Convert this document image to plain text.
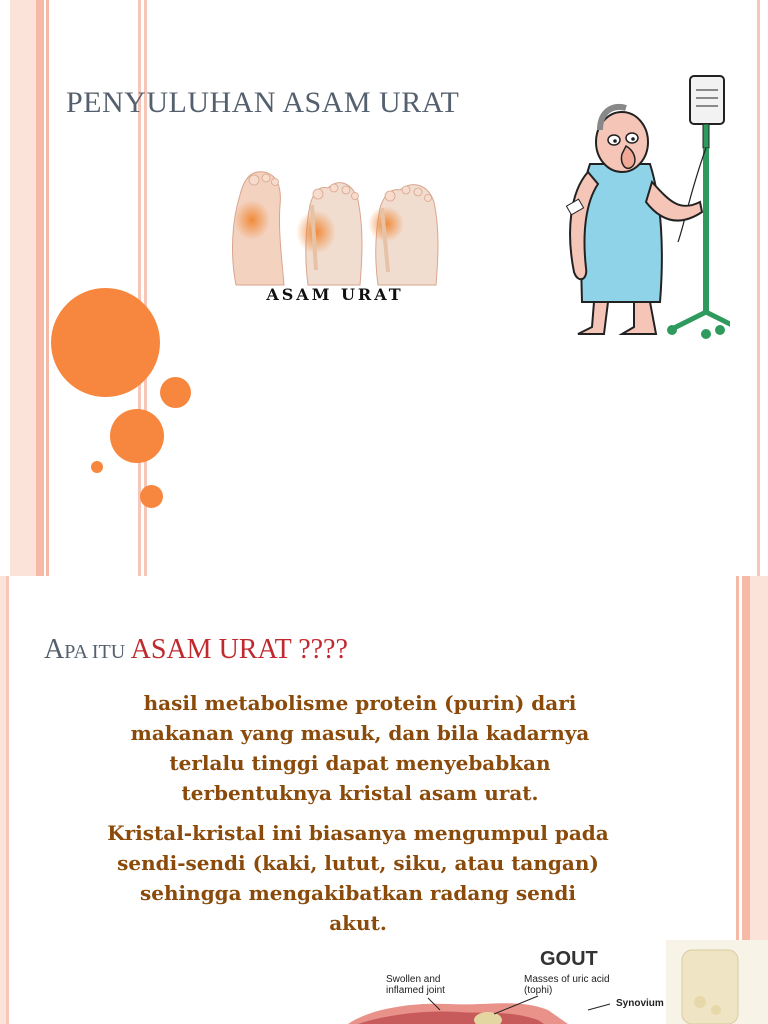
PENYULUHAN ASAM URAT
ASAM URAT
APA ITU ASAM URAT ????
hasil metabolisme protein (purin) dari
makanan yang masuk, dan bila kadarnya
terlalu tinggi dapat menyebabkan
terbentuknya kristal asam urat.
Kristal-kristal ini biasanya mengumpul pada
sendi-sendi (kaki, lutut, siku, atau tangan)
sehingga mengakibatkan radang sendi
akut.
GOUT
Swollen and inflamed joint
Masses of uric acid (tophi)
Synovium
